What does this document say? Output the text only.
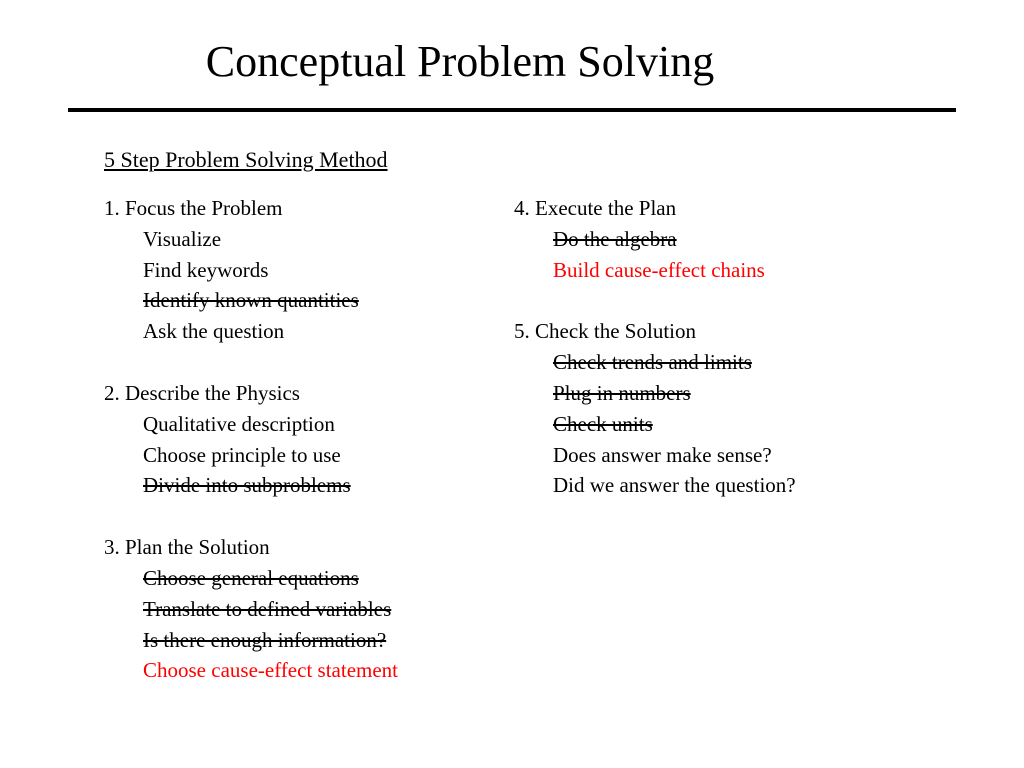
Conceptual Problem Solving
5 Step Problem Solving Method
1. Focus the Problem
Visualize
Find keywords
Identify known quantities
Ask the question
2. Describe the Physics
Qualitative description
Choose principle to use
Divide into subproblems
3. Plan the Solution
Choose general equations
Translate to defined variables
Is there enough information?
Choose cause-effect statement
4. Execute the Plan
Do the algebra
Build cause-effect chains
5. Check the Solution
Check trends and limits
Plug in numbers
Check units
Does answer make sense?
Did we answer the question?
